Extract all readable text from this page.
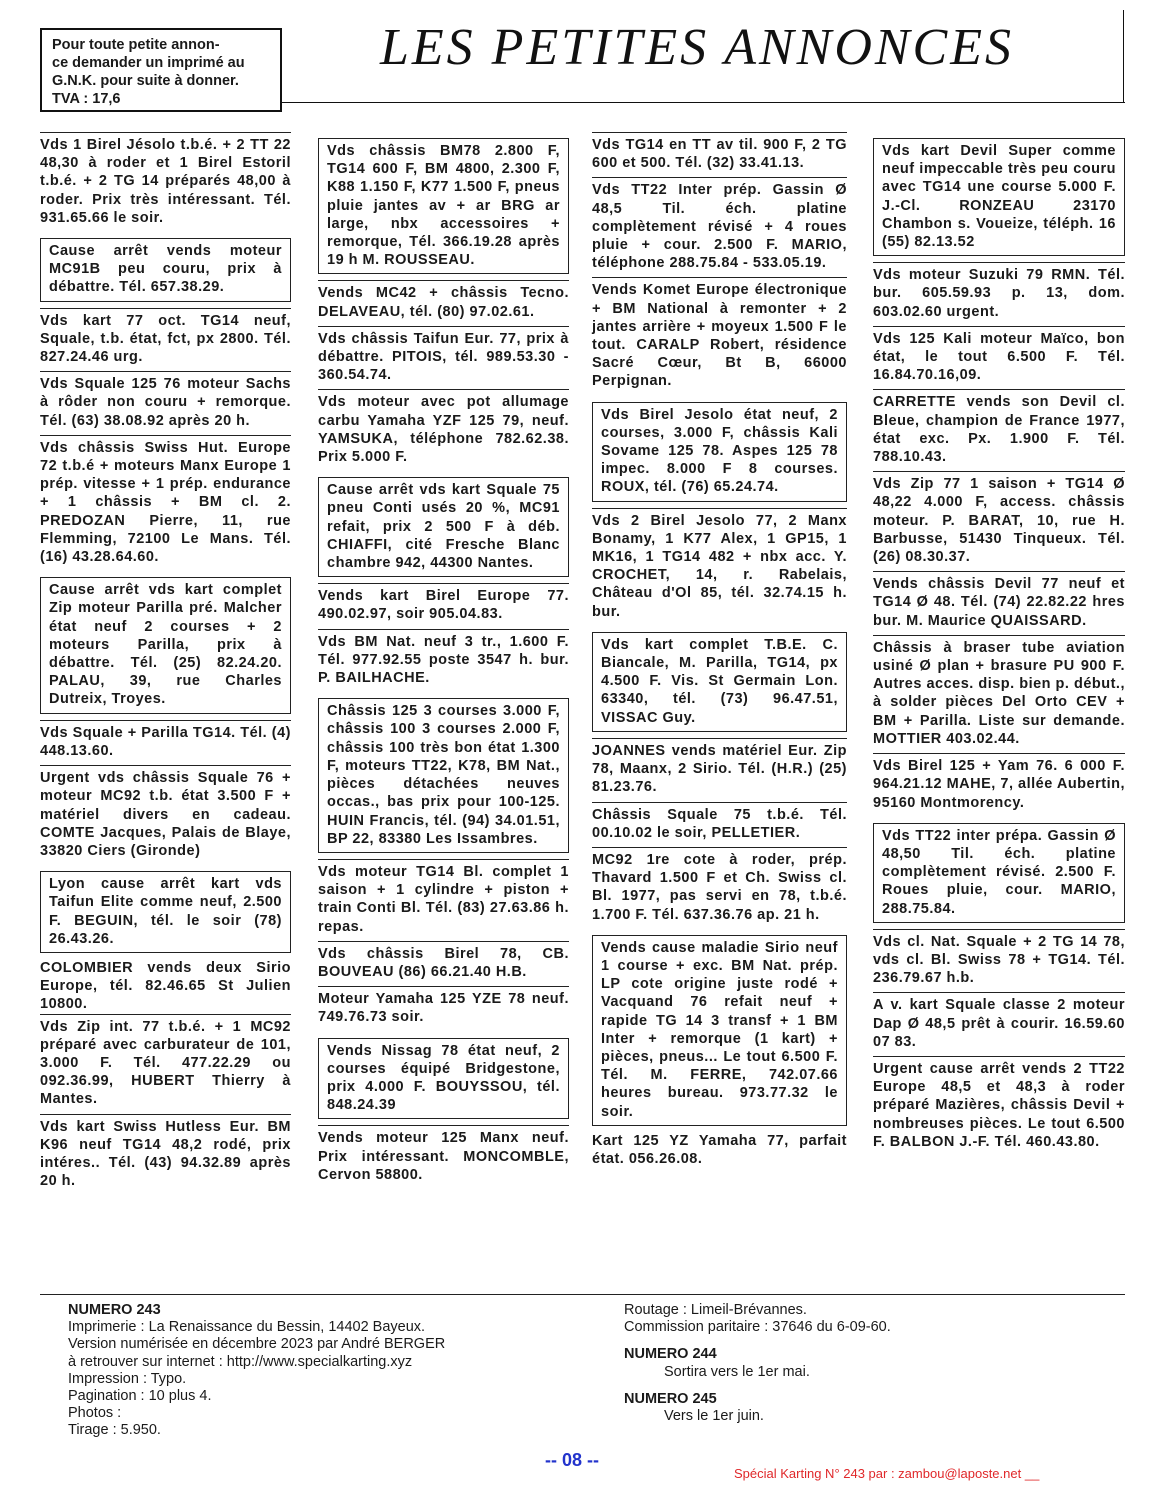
Pour toute petite annon-
ce demander un imprimé au
G.N.K. pour suite à donner.
TVA : 17,6
LES PETITES ANNONCES
Vds 1 Birel Jésolo t.b.é. + 2 TT 22 48,30 à roder et 1 Birel Estoril t.b.é. + 2 TG 14 préparés 48,00 à roder. Prix très intéressant. Tél. 931.65.66 le soir.
Cause arrêt vends moteur MC91B peu couru, prix à débattre. Tél. 657.38.29.
Vds kart 77 oct. TG14 neuf, Squale, t.b. état, fct, px 2800. Tél. 827.24.46 urg.
Vds Squale 125 76 moteur Sachs à rôder non couru + remorque. Tél. (63) 38.08.92 après 20 h.
Vds châssis Swiss Hut. Europe 72 t.b.é + moteurs Manx Europe 1 prép. vitesse + 1 prép. endurance + 1 châssis + BM cl. 2. PREDOZAN Pierre, 11, rue Flemming, 72100 Le Mans. Tél. (16) 43.28.64.60.
Cause arrêt vds kart complet Zip moteur Parilla pré. Malcher état neuf 2 courses + 2 moteurs Parilla, prix à débattre. Tél. (25) 82.24.20. PALAU, 39, rue Charles Dutreix, Troyes.
Vds Squale + Parilla TG14. Tél. (4) 448.13.60.
Urgent vds châssis Squale 76 + moteur MC92 t.b. état 3.500 F + matériel divers en cadeau. COMTE Jacques, Palais de Blaye, 33820 Ciers (Gironde)
Lyon cause arrêt kart vds Taifun Elite comme neuf, 2.500 F. BEGUIN, tél. le soir (78) 26.43.26.
COLOMBIER vends deux Sirio Europe, tél. 82.46.65 St Julien 10800.
Vds Zip int. 77 t.b.é. + 1 MC92 préparé avec carburateur de 101, 3.000 F. Tél. 477.22.29 ou 092.36.99, HUBERT Thierry à Mantes.
Vds kart Swiss Hutless Eur. BM K96 neuf TG14 48,2 rodé, prix intéres.. Tél. (43) 94.32.89 après 20 h.
Vds châssis BM78 2.800 F, TG14 600 F, BM 4800, 2.300 F, K88 1.150 F, K77 1.500 F, pneus pluie jantes av + ar BRG ar large, nbx accessoires + remorque, Tél. 366.19.28 après 19 h M. ROUSSEAU.
Vends MC42 + châssis Tecno. DELAVEAU, tél. (80) 97.02.61.
Vds châssis Taifun Eur. 77, prix à débattre. PITOIS, tél. 989.53.30 - 360.54.74.
Vds moteur avec pot allumage carbu Yamaha YZF 125 79, neuf. YAMSUKA, téléphone 782.62.38. Prix 5.000 F.
Cause arrêt vds kart Squale 75 pneu Conti usés 20 %, MC91 refait, prix 2 500 F à déb. CHIAFFI, cité Fresche Blanc chambre 942, 44300 Nantes.
Vends kart Birel Europe 77. 490.02.97, soir 905.04.83.
Vds BM Nat. neuf 3 tr., 1.600 F. Tél. 977.92.55 poste 3547 h. bur. P. BAILHACHE.
Châssis 125 3 courses 3.000 F, châssis 100 3 courses 2.000 F, châssis 100 très bon état 1.300 F, moteurs TT22, K78, BM Nat., pièces détachées neuves occas., bas prix pour 100-125. HUIN Francis, tél. (94) 34.01.51, BP 22, 83380 Les Issambres.
Vds moteur TG14 Bl. complet 1 saison + 1 cylindre + piston + train Conti Bl. Tél. (83) 27.63.86 h. repas.
Vds châssis Birel 78, CB. BOUVEAU (86) 66.21.40 H.B.
Moteur Yamaha 125 YZE 78 neuf. 749.76.73 soir.
Vends Nissag 78 état neuf, 2 courses équipé Bridgestone, prix 4.000 F. BOUYSSOU, tél. 848.24.39
Vends moteur 125 Manx neuf. Prix intéressant. MONCOMBLE, Cervon 58800.
Vds TG14 en TT av til. 900 F, 2 TG 600 et 500. Tél. (32) 33.41.13.
Vds TT22 Inter prép. Gassin Ø 48,5 Til. éch. platine complètement révisé + 4 roues pluie + cour. 2.500 F. MARIO, téléphone 288.75.84 - 533.05.19.
Vends Komet Europe électronique + BM National à remonter + 2 jantes arrière + moyeux 1.500 F le tout. CARALP Robert, résidence Sacré Cœur, Bt B, 66000 Perpignan.
Vds Birel Jesolo état neuf, 2 courses, 3.000 F, châssis Kali Sovame 125 78. Aspes 125 78 impec. 8.000 F 8 courses. ROUX, tél. (76) 65.24.74.
Vds 2 Birel Jesolo 77, 2 Manx Bonamy, 1 K77 Alex, 1 GP15, 1 MK16, 1 TG14 482 + nbx acc. Y. CROCHET, 14, r. Rabelais, Château d'Ol 85, tél. 32.74.15 h. bur.
Vds kart complet T.B.E. C. Biancale, M. Parilla, TG14, px 4.500 F. Vis. St Germain Lon. 63340, tél. (73) 96.47.51, VISSAC Guy.
JOANNES vends matériel Eur. Zip 78, Maanx, 2 Sirio. Tél. (H.R.) (25) 81.23.76.
Châssis Squale 75 t.b.é. Tél. 00.10.02 le soir, PELLETIER.
MC92 1re cote à roder, prép. Thavard 1.500 F et Ch. Swiss cl. Bl. 1977, pas servi en 78, t.b.é. 1.700 F. Tél. 637.36.76 ap. 21 h.
Vends cause maladie Sirio neuf 1 course + exc. BM Nat. prép. LP cote origine juste rodé + Vacquand 76 refait neuf + rapide TG 14 3 transf + 1 BM Inter + remorque (1 kart) + pièces, pneus... Le tout 6.500 F. Tél. M. FERRE, 742.07.66 heures bureau. 973.77.32 le soir.
Kart 125 YZ Yamaha 77, parfait état. 056.26.08.
Vds kart Devil Super comme neuf impeccable très peu couru avec TG14 une course 5.000 F. J.-Cl. RONZEAU 23170 Chambon s. Voueize, téléph. 16 (55) 82.13.52
Vds moteur Suzuki 79 RMN. Tél. bur. 605.59.93 p. 13, dom. 603.02.60 urgent.
Vds 125 Kali moteur Maïco, bon état, le tout 6.500 F. Tél. 16.84.70.16,09.
CARRETTE vends son Devil cl. Bleue, champion de France 1977, état exc. Px. 1.900 F. Tél. 788.10.43.
Vds Zip 77 1 saison + TG14 Ø 48,22 4.000 F, access. châssis moteur. P. BARAT, 10, rue H. Barbusse, 51430 Tinqueux. Tél. (26) 08.30.37.
Vends châssis Devil 77 neuf et TG14 Ø 48. Tél. (74) 22.82.22 hres bur. M. Maurice QUAISSARD.
Châssis à braser tube aviation usiné Ø plan + brasure PU 900 F. Autres acces. disp. bien p. début., à solder pièces Del Orto CEV + BM + Parilla. Liste sur demande. MOTTIER 403.02.44.
Vds Birel 125 + Yam 76. 6 000 F. 964.21.12 MAHE, 7, allée Aubertin, 95160 Montmorency.
Vds TT22 inter prépa. Gassin Ø 48,50 Til. éch. platine complètement révisé. 2.500 F. Roues pluie, cour. MARIO, 288.75.84.
Vds cl. Nat. Squale + 2 TG 14 78, vds cl. Bl. Swiss 78 + TG14. Tél. 236.79.67 h.b.
A v. kart Squale classe 2 moteur Dap Ø 48,5 prêt à courir. 16.59.60 07 83.
Urgent cause arrêt vends 2 TT22 Europe 48,5 et 48,3 à roder préparé Mazières, châssis Devil + nombreuses pièces. Le tout 6.500 F. BALBON J.-F. Tél. 460.43.80.
NUMERO 243
Imprimerie : La Renaissance du Bessin, 14402 Bayeux.
Version numérisée en décembre 2023 par André BERGER
à retrouver sur internet : http://www.specialkarting.xyz
Impression : Typo.
Pagination : 10 plus 4.
Photos :
Tirage : 5.950.
Routage : Limeil-Brévannes.
Commission paritaire : 37646 du 6-09-60.
NUMERO 244
Sortira vers le 1er mai.
NUMERO 245
Vers le 1er juin.
-- 08 --
Spécial Karting N° 243 par : zambou@laposte.net __
